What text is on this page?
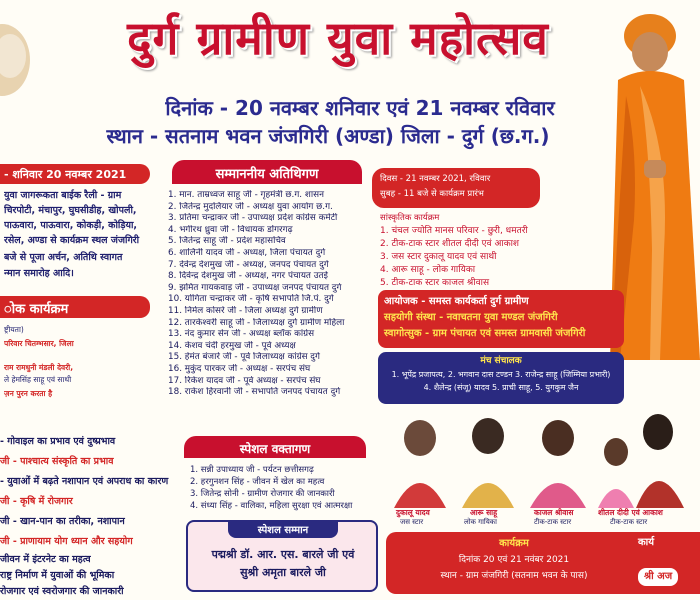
दुर्ग ग्रामीण युवा महोत्सव
दिनांक - 20 नवम्बर शनिवार एवं 21 नवम्बर रविवार
स्थान - सतनाम भवन जंजगिरी (अण्डा) जिला - दुर्ग (छ.ग.)
- शनिवार 20 नवम्बर 2021
युवा जागरूकता बाईक रैली - ग्राम
चिरपोटी, मंचापुर, घुघसीडीह, खोपली,
पाऊवारा, पाऊवारा, कोकड़ी, कोड़िया,
रसेल, अण्डा से कार्यक्रम स्थल जंजगिरी
बजे से पूजा अर्चन, अतिथि स्वागत
न्मान समारोह आदि।
ोक कार्यक्रम
ष्ट्रीयता)
परिवार चितम्भसार, जिला
राम रामधुनी मंडली देवरी,
ले हेमसिंह साहू एवं साथी
ज़न पुरन करता है
- गोवाइल का प्रभाव एवं दुष्प्रभाव
जी - पाश्चात्य संस्कृति का प्रभाव
- युवाओं में बढ़ते नशापान एवं अपराध का कारण
जी - कृषि में रोजगार
जी - खान-पान का तरीका, नशापान
जी - प्राणायाम योग ध्यान और सहयोग
जीवन में इंटरनेट का महत्व
राष्ट्र निर्माण में युवाओं की भूमिका
रोजगार एवं स्वरोजगार की जानकारी
सम्माननीय अतिथिगण
1. मान. ताम्रध्वज साहू जी - गृहमंत्री छ.ग. शासन
2. जितेन्द्र मुदलियार जी - अध्यक्ष युवा आयोग छ.ग.
3. प्रतिमा चन्द्राकर जी - उपाध्यक्ष प्रदेश कांग्रेस कमेटी
4. भगीरथ ध्रुवा जी - विधायक डोंगरगढ़
5. जितेन्द्र साहू जी - प्रदेश महासचिव
6. शालिनी यादव जी - अध्यक्ष, जिला पंचायत दुर्ग
7. देवेन्द्र देशमुख जी - अध्यक्ष, जनपद पंचायत दुर्ग
8. दिवेन्द्र देशमुख जी - अध्यक्ष, नगर पंचायत उतई
9. झमित गायकवाड़ जी - उपाध्यक्ष जनपद पंचायत दुर्ग
10. योगिता चन्द्राकर जी - कृषि सभापति जि.पं. दुर्ग
11. निर्मल कोसरे जी - जिला अध्यक्ष दुर्ग ग्रामीण
12. तारकेश्वरी साहू जी - जिलाध्यक्ष दुर्ग ग्रामीण महिला
13. नंद कुमार सेन जी - अध्यक्ष ब्लॉक कांग्रेस
14. केशव चंदी हरमुख जी - पूर्व अध्यक्ष
15. हेमंत बंजारे जी - पूर्व जिलाध्यक्ष कांग्रेस दुर्ग
16. मुकुंद पारकर जी - अध्यक्ष - सरपंच संघ
17. रिकेश यादव जी - पूर्व अध्यक्ष - सरपंच संघ
18. राकेश हिरवानी जी - सभापति जनपद पंचायत दुर्ग
स्पेशल वक्तागण
1. सन्नी उपाध्याय जी - पर्यटन छत्तीसगढ़
2. हरगुनशन सिंह - जीवन में खेल का महत्व
3. जितेन्द्र सोनी - ग्रामीण रोजगार की जानकारी
4. संध्या सिंह - वालिका, महिला सुरक्षा एवं आत्मरक्षा
स्पेशल सम्मान
पद्मश्री डॉ. आर. एस. बारले जी एवं
सुश्री अमृता बारले जी
दिवस - 21 नवम्बर 2021, रविवार
सुबह - 11 बजे से कार्यक्रम प्रारंभ
सांस्कृतिक कार्यक्रम
1. चंचल ज्योति मानस परिवार - छुरी, धमतरी
2. टीक-टाक स्टार शीतल दीदी एवं आकाश
3. जस स्टार दुकालू यादव एवं साथी
4. आरू साहू - लोक गायिका
5. टीक-टाक स्टार काजल श्रीवास
आयोजक - समस्त कार्यकर्ता दुर्ग ग्रामीण
सहयोगी संस्था - नवाचतना युवा मण्डल जंजगिरी
स्वागोत्सुक - ग्राम पंचायत एवं समस्त ग्रामवासी जंजगिरी
मंच संचालक
1. भूपेंद्र प्रजापत्य, 2. भगवान दास टण्डन 3. राजेन्द्र साहू (जिम्मिया प्रभारी)
4. शैलेन्द्र (संजू) यादव 5. प्राची साहू, 5. युगकुम जैन
दुकालू यादव
जस स्टार
आरू साहू
लोक गायिका
काजल श्रीवास
टीक-टाक स्टार
शीतल दीदी एवं आकाश
टीक-टाक स्टार
कार्यक्रम
दिनांक 20 एवं 21 नवंबर 2021
स्थान - ग्राम जंजगिरी (सतनाम भवन के पास)
कार्य
श्री अज
